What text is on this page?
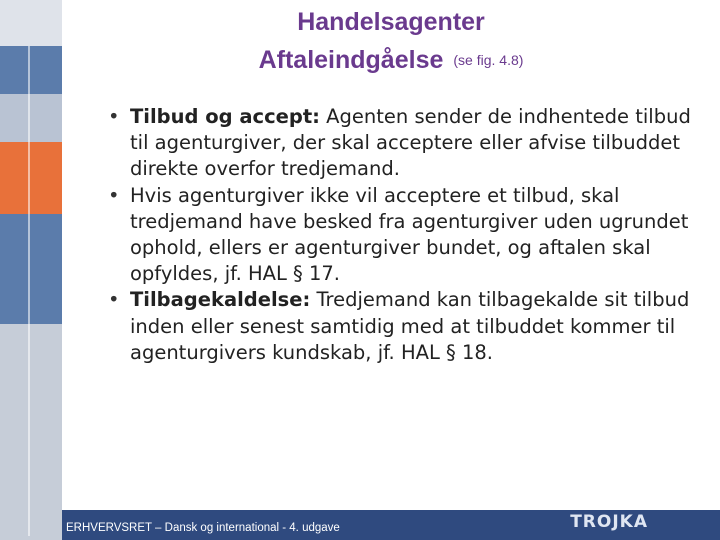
Handelsagenter
Aftaleindgåelse (se fig. 4.8)
• Tilbud og accept: Agenten sender de indhentede tilbud til agenturgiver, der skal acceptere eller afvise tilbuddet direkte overfor tredjemand.
• Hvis agenturgiver ikke vil acceptere et tilbud, skal tredjemand have besked fra agenturgiver uden ugrundet ophold, ellers er agenturgiver bundet, og aftalen skal opfyldes, jf. HAL § 17.
• Tilbagekaldelse: Tredjemand kan tilbagekalde sit tilbud inden eller senest samtidig med at tilbuddet kommer til agenturgivers kundskab, jf. HAL § 18.
ERHVERVSRET – Dansk og international - 4. udgave	TROJKA
